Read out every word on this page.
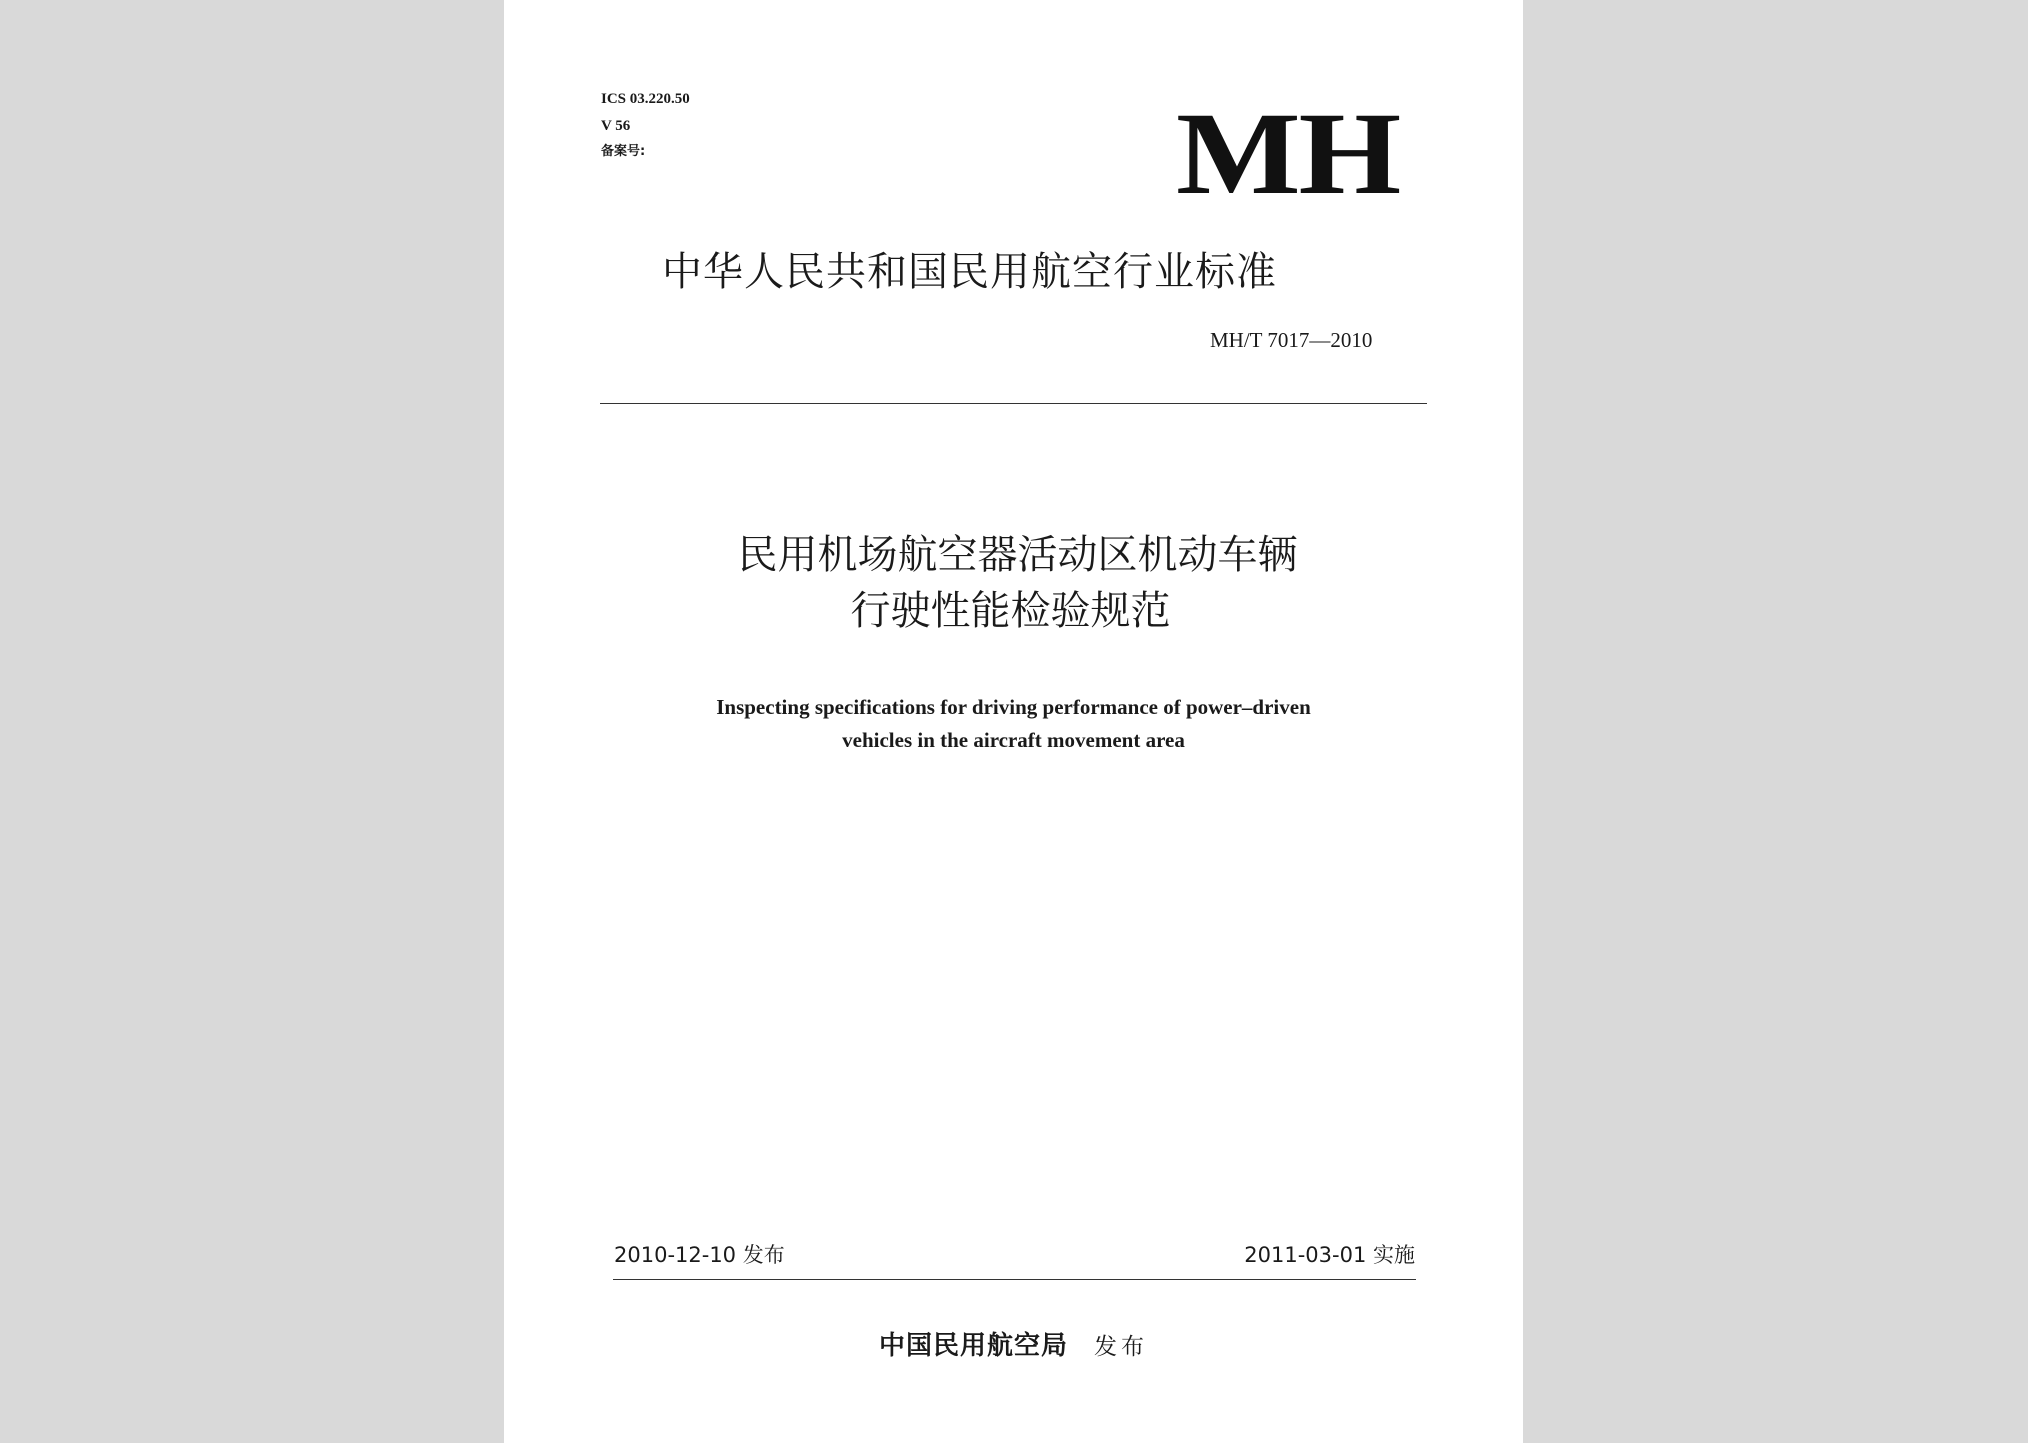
ICS 03.220.50
V 56
备案号:	MH
中华人民共和国民用航空行业标准
MH/T 7017—2010
民用机场航空器活动区机动车辆
行驶性能检验规范
Inspecting specifications for driving performance of power–driven
vehicles in the aircraft movement area
2010-12-10 发布	2011-03-01 实施
中国民用航空局 发布
